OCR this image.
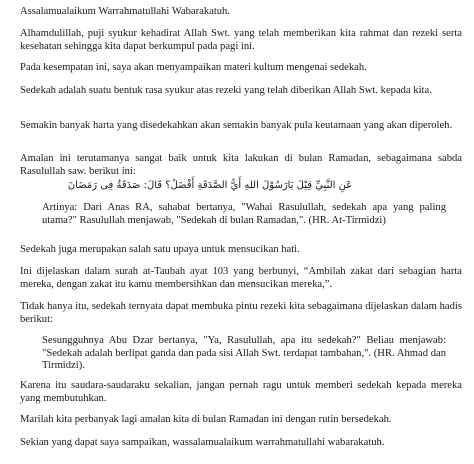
Assalamualaikum Warrahmatullahi Wabarakatuh.

Alhamdulillah, puji syukur kehadirat Allah Swt. yang telah memberikan kita rahmat dan rezeki serta kesehatan sehingga kita dapat berkumpul pada pagi ini.

Pada kesempatan ini, saya akan menyampaikan materi kultum mengenai sedekah.

Sedekah adalah suatu bentuk rasa syukur atas rezeki yang telah diberikan Allah Swt. kepada kita.

Semakin banyak harta yang disedekahkan akan semakin banyak pula keutamaan yang akan diperoleh.

Amalan ini terutamanya sangat baik untuk kita lakukan di bulan Ramadan, sebagaimana sabda Rasulullah saw. berikut ini:

عَنِ النَّبِيِّ قِيْلَ يَارَسُوْلَ اللهِ أَيُّ الصَّدَقَةِ أَفْضَلُ؟ قَالَ: صَدَقَةٌ فِى رَمَضَانَ

Artinya: Dari Anas RA, sahabat bertanya, "Wahai Rasulullah, sedekah apa yang paling utama?" Rasulullah menjawab, "Sedekah di bulan Ramadan,". (HR. At-Tirmidzi)

Sedekah juga merupakan salah satu upaya untuk mensucikan hati.

Ini dijelaskan dalam surah at-Taubah ayat 103 yang berbunyi, “Ambilah zakat dari sebagian harta mereka, dengan zakat itu kamu membersihkan dan mensucikan mereka,”.

Tidak hanya itu, sedekah ternyata dapat membuka pintu rezeki kita sebagaimana dijelaskan dalam hadis berikut:

Sesungguhnya Abu Dzar bertanya, "Ya, Rasulullah, apa itu sedekah?" Beliau menjawab: "Sedekah adalah berlipat ganda dan pada sisi Allah Swt. terdapat tambahan,". (HR. Ahmad dan Tirmidzi).

Karena itu saudara-saudaraku sekalian, jangan pernah ragu untuk memberi sedekah kepada mereka yang membutuhkan.

Marilah kita perbanyak lagi amalan kita di bulan Ramadan ini dengan rutin bersedekah.

Sekian yang dapat saya sampaikan, wassalamualaikum warrahmatullahi wabarakatuh.
